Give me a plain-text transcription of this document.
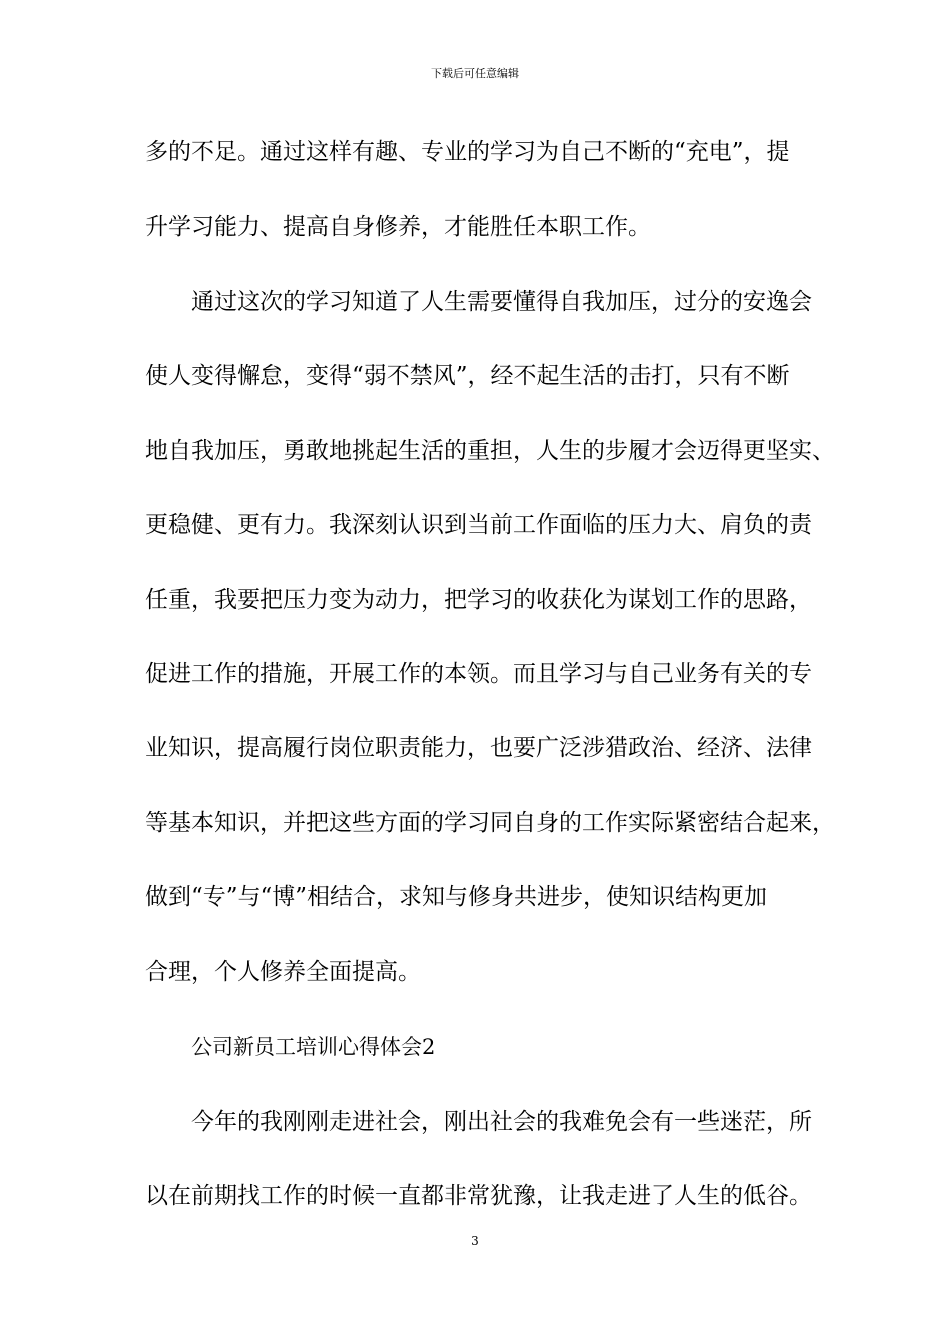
下载后可任意编辑
多的不足。通过这样有趣、专业的学习为自己不断的“充电”，提
升学习能力、提高自身修养，才能胜任本职工作。
通过这次的学习知道了人生需要懂得自我加压，过分的安逸会
使人变得懈怠，变得“弱不禁风”，经不起生活的击打，只有不断
地自我加压，勇敢地挑起生活的重担，人生的步履才会迈得更坚实、
更稳健、更有力。我深刻认识到当前工作面临的压力大、肩负的责
任重，我要把压力变为动力，把学习的收获化为谋划工作的思路，
促进工作的措施，开展工作的本领。而且学习与自己业务有关的专
业知识，提高履行岗位职责能力，也要广泛涉猎政治、经济、法律
等基本知识，并把这些方面的学习同自身的工作实际紧密结合起来，
做到“专”与“博”相结合，求知与修身共进步，使知识结构更加
合理，个人修养全面提高。
公司新员工培训心得体会2
今年的我刚刚走进社会，刚出社会的我难免会有一些迷茫，所
以在前期找工作的时候一直都非常犹豫，让我走进了人生的低谷。
3
